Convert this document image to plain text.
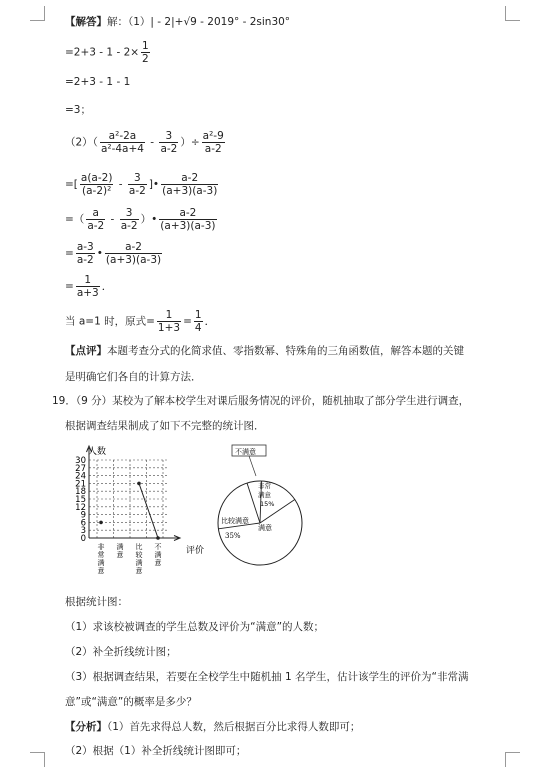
【解答】解：（1）| - 2|+√9 - 2019° - 2sin30°
$=2+3 - 1 - 2\times \frac{1}{2}$
=2+3 - 1 - 1
=3；
$(2)( \frac{\text{a²-2a}}{\text{a²-4a+4}} - \frac{3}{a-2}$ ）÷ $\frac{\text{a²-9}}{a-2}$
=[ $\frac{a(a-2)}{\text{(a-2)²}} - \frac{3}{a-2}$ ]• $\frac{a-2}{(a+3)(a-3)}$
=（ $\frac{a}{a-2} - \frac{3}{a-2}$ ）• $\frac{a-2}{(a+3)(a-3)}$
= $\frac{a-3}{a-2}$ • $\frac{a-2}{(a+3)(a-3)}$
= $\frac{1}{a+3}$ ．
当 a=1 时，原式= $\frac{1}{1+3} = \frac{1}{4}$ ．
【点评】本题考查分式的化简求值、零指数幂、特殊角的三角函数值，解答本题的关键
是明确它们各自的计算方法．
19．（9 分）某校为了解本校学生对课后服务情况的评价，随机抽取了部分学生进行调查，
根据调查结果制成了如下不完整的统计图．
0
3
6
9
12
15
18
21
24
27
30
非
常
满
意
满
意
比
较
满
意
不
满
意
人数
评价
不满意
非常
满意
15%
比较满意
35%
满意
根据统计图：
（1）求该校被调查的学生总数及评价为“满意”的人数；
（2）补全折线统计图；
（3）根据调查结果，若要在全校学生中随机抽 1 名学生，估计该学生的评价为“非常满
意”或“满意”的概率是多少？
【分析】（1）首先求得总人数，然后根据百分比求得人数即可；
（2）根据（1）补全折线统计图即可；
